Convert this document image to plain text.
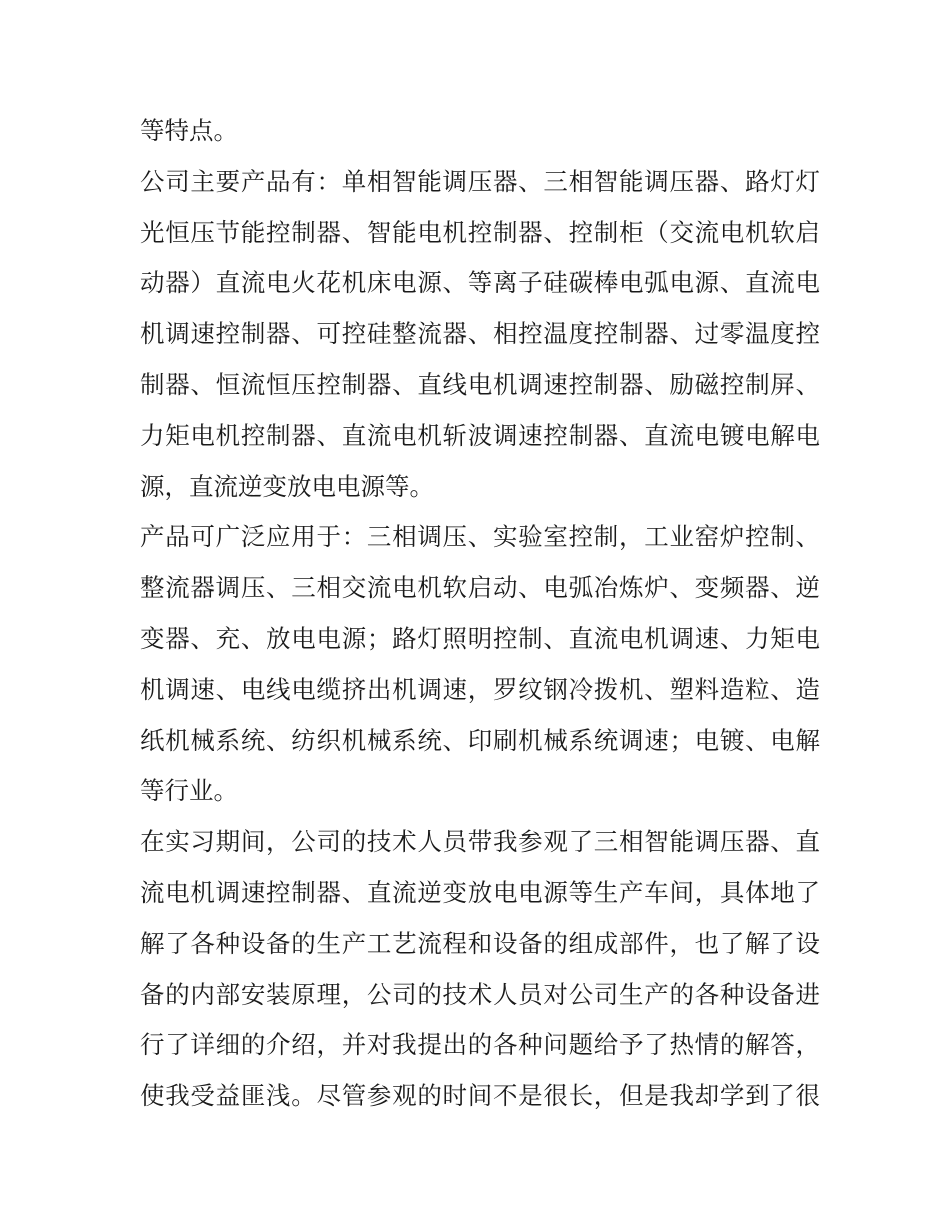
等特点。
公司主要产品有：单相智能调压器、三相智能调压器、路灯灯
光恒压节能控制器、智能电机控制器、控制柜（交流电机软启
动器）直流电火花机床电源、等离子硅碳棒电弧电源、直流电
机调速控制器、可控硅整流器、相控温度控制器、过零温度控
制器、恒流恒压控制器、直线电机调速控制器、励磁控制屏、
力矩电机控制器、直流电机斩波调速控制器、直流电镀电解电
源，直流逆变放电电源等。
产品可广泛应用于：三相调压、实验室控制，工业窑炉控制、
整流器调压、三相交流电机软启动、电弧冶炼炉、变频器、逆
变器、充、放电电源；路灯照明控制、直流电机调速、力矩电
机调速、电线电缆挤出机调速，罗纹钢冷拨机、塑料造粒、造
纸机械系统、纺织机械系统、印刷机械系统调速；电镀、电解
等行业。
在实习期间，公司的技术人员带我参观了三相智能调压器、直
流电机调速控制器、直流逆变放电电源等生产车间，具体地了
解了各种设备的生产工艺流程和设备的组成部件，也了解了设
备的内部安装原理，公司的技术人员对公司生产的各种设备进
行了详细的介绍，并对我提出的各种问题给予了热情的解答，
使我受益匪浅。尽管参观的时间不是很长，但是我却学到了很
